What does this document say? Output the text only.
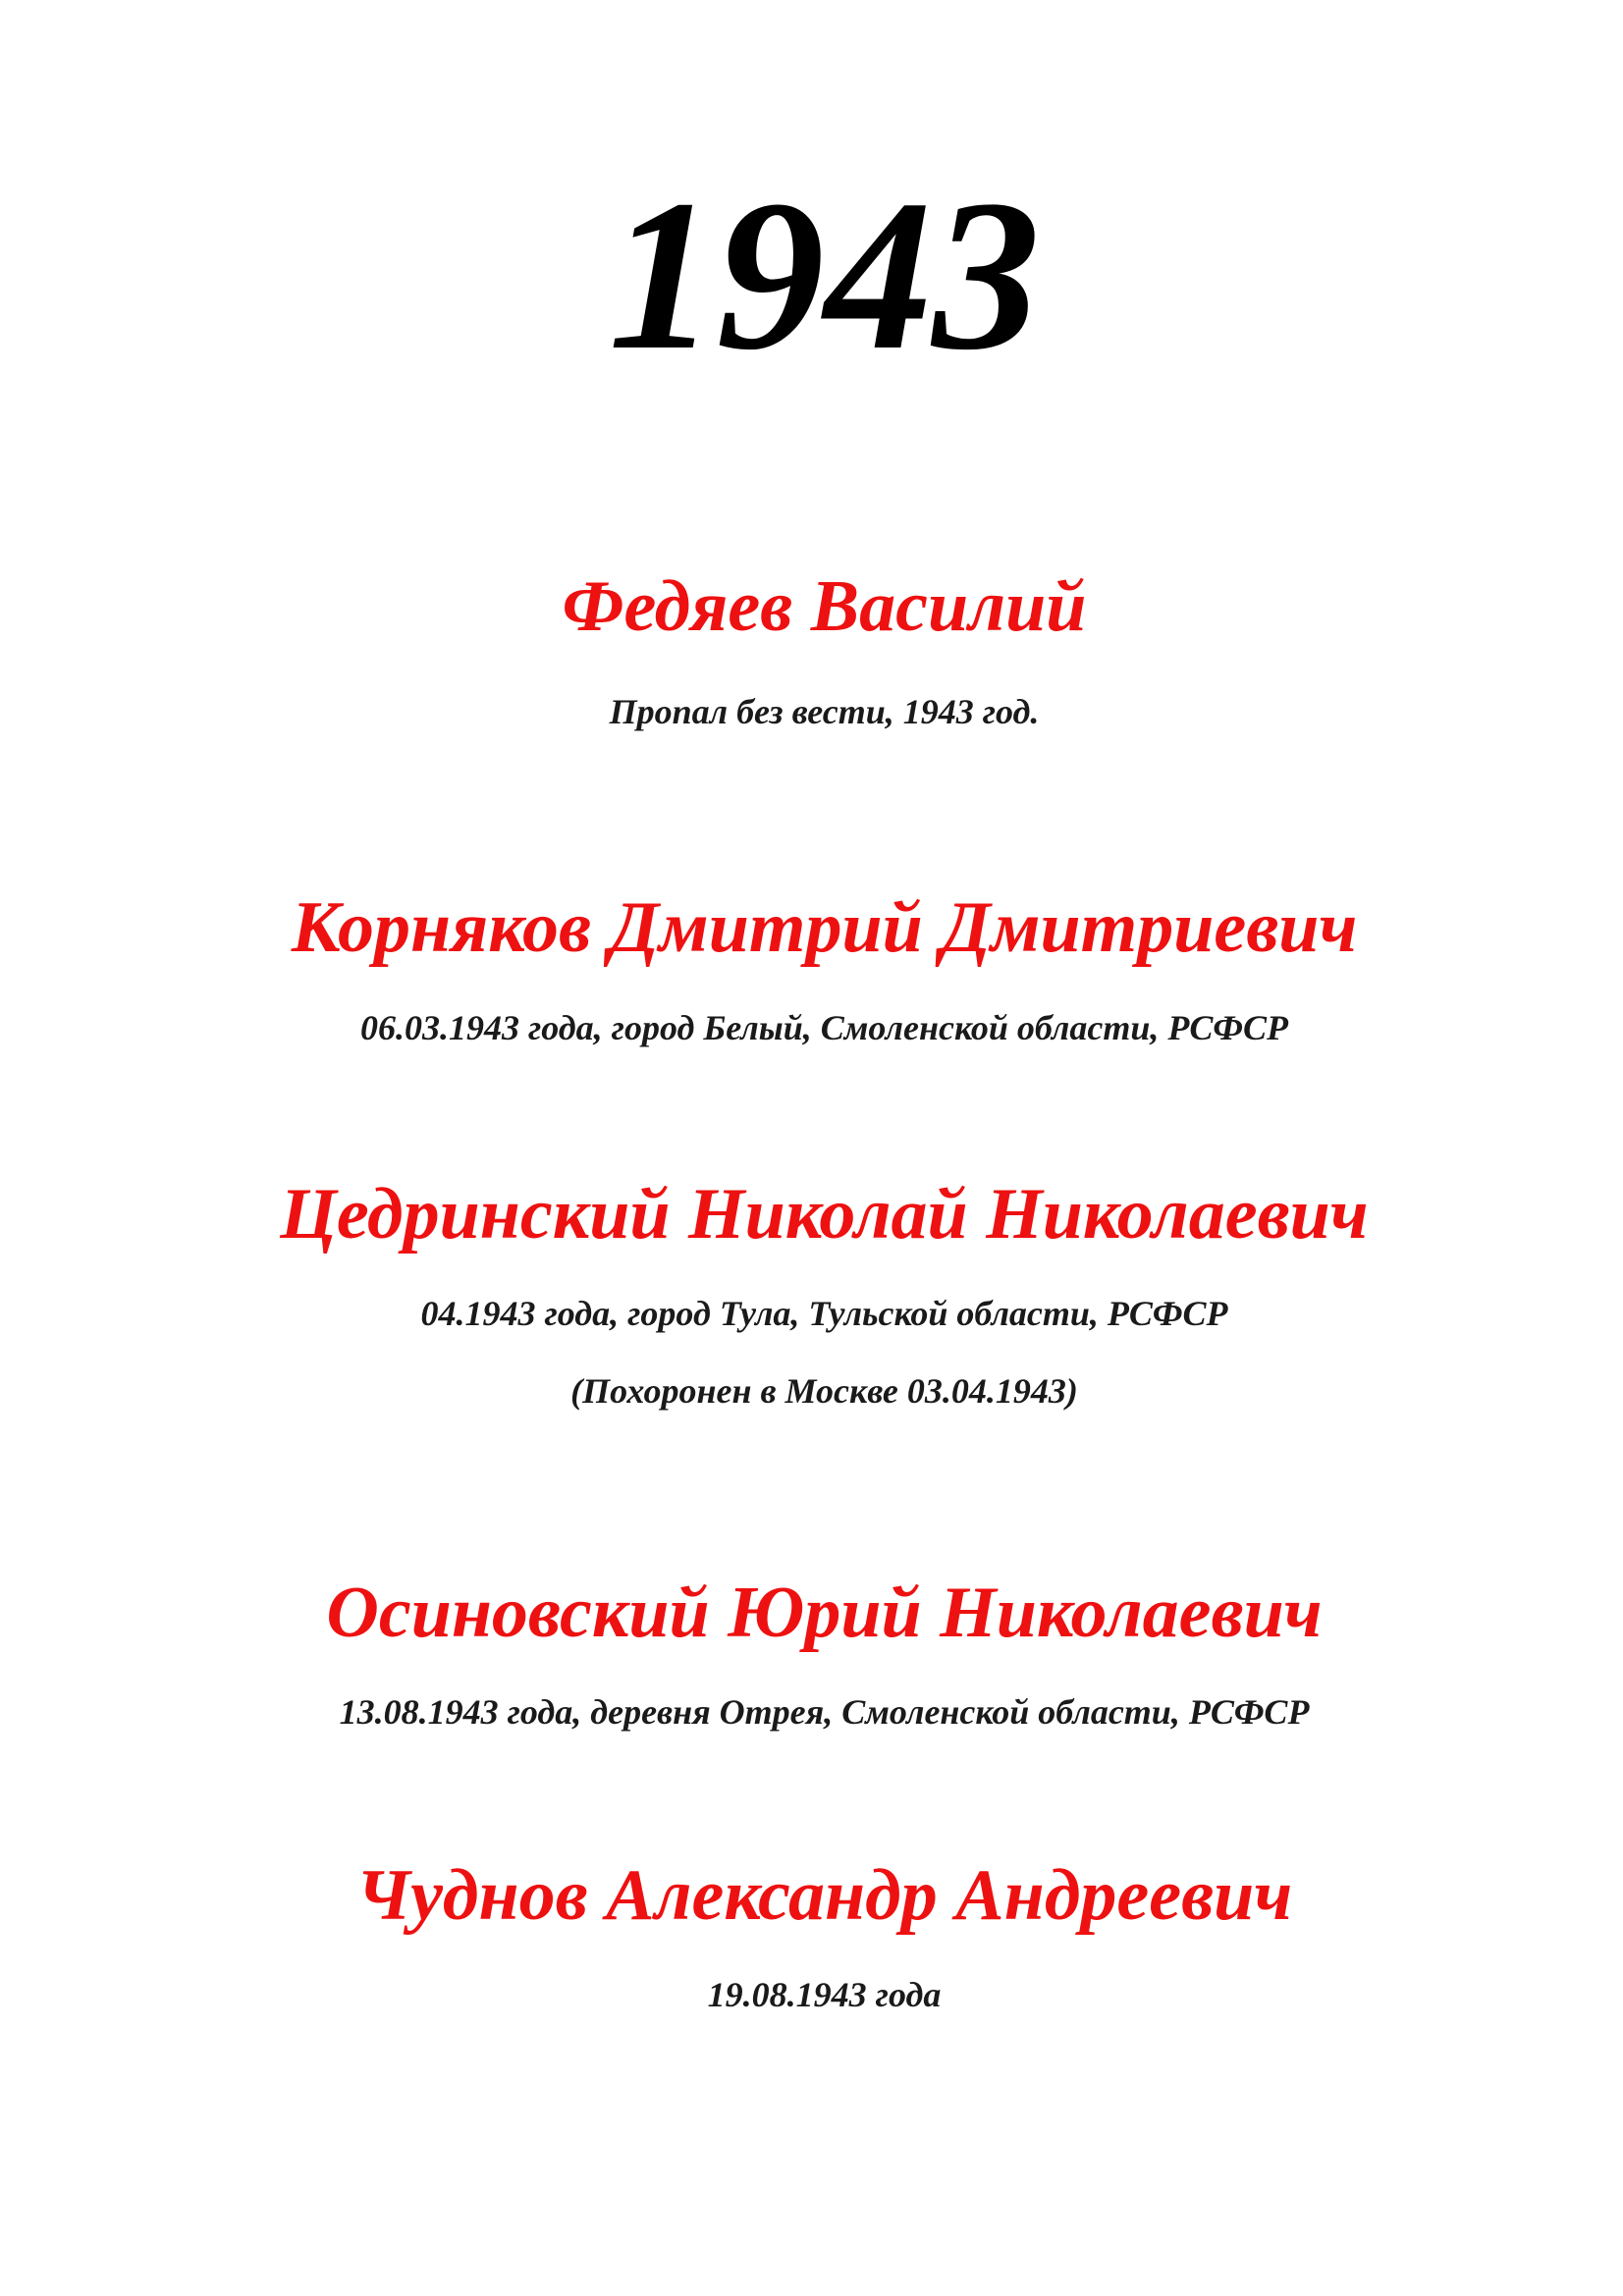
1943
Федяев Василий
Пропал без вести, 1943 год.
Корняков Дмитрий Дмитриевич
06.03.1943 года, город Белый, Смоленской области, РСФСР
Цедринский Николай Николаевич
04.1943 года, город Тула, Тульской области, РСФСР
(Похоронен в Москве 03.04.1943)
Осиновский Юрий Николаевич
13.08.1943 года, деревня Отрея, Смоленской области, РСФСР
Чуднов Александр Андреевич
19.08.1943 года
